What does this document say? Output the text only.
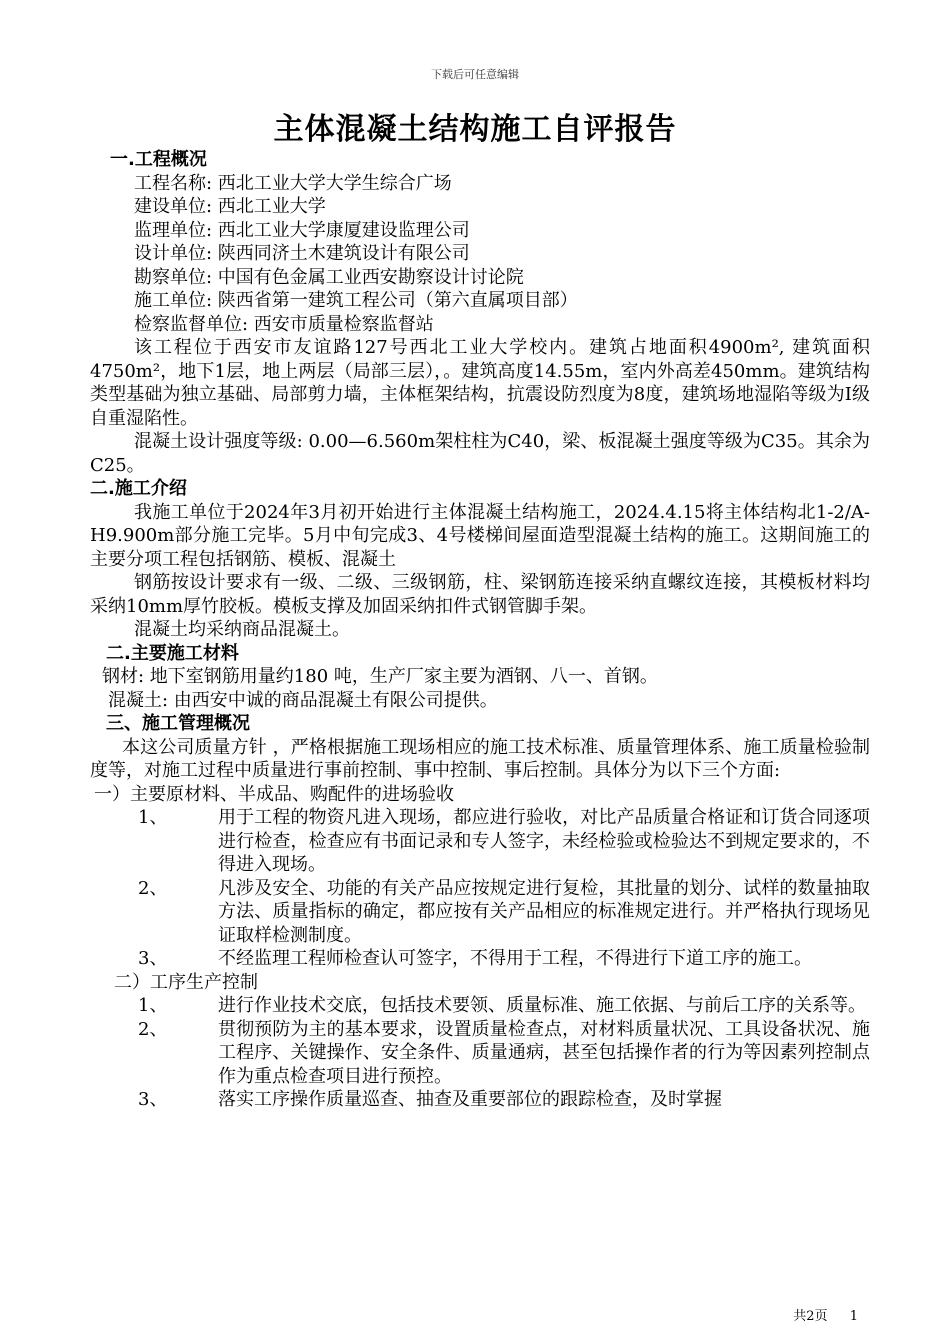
下载后可任意编辑
主体混凝土结构施工自评报告
一.工程概况
工程名称: 西北工业大学大学生综合广场
建设单位: 西北工业大学
监理单位: 西北工业大学康厦建设监理公司
设计单位: 陕西同济土木建筑设计有限公司
勘察单位: 中国有色金属工业西安勘察设计讨论院
施工单位: 陕西省第一建筑工程公司（第六直属项目部）
检察监督单位: 西安市质量检察监督站
该工程位于西安市友谊路127号西北工业大学校内。建筑占地面积4900m², 建筑面积4750m²，地下1层，地上两层（局部三层），。建筑高度14.55m，室内外高差450mm。建筑结构类型基础为独立基础、局部剪力墙，主体框架结构，抗震设防烈度为8度，建筑场地湿陷等级为Ⅰ级自重湿陷性。
混凝土设计强度等级: 0.00—6.560m架柱柱为C40，梁、板混凝土强度等级为C35。其余为C25。
二.施工介绍
我施工单位于2024年3月初开始进行主体混凝土结构施工，2024.4.15将主体结构北1-2/A-H9.900m部分施工完毕。5月中旬完成3、4号楼梯间屋面造型混凝土结构的施工。这期间施工的主要分项工程包括钢筋、模板、混凝土
钢筋按设计要求有一级、二级、三级钢筋，柱、梁钢筋连接采纳直螺纹连接，其模板材料均采纳10mm厚竹胶板。模板支撑及加固采纳扣件式钢管脚手架。
混凝土均采纳商品混凝土。
二.主要施工材料
钢材: 地下室钢筋用量约180 吨，生产厂家主要为酒钢、八一、首钢。
混凝土: 由西安中诚的商品混凝土有限公司提供。
三、施工管理概况
本这公司质量方针 ，严格根据施工现场相应的施工技术标准、质量管理体系、施工质量检验制度等，对施工过程中质量进行事前控制、事中控制、事后控制。具体分为以下三个方面:
一）主要原材料、半成品、购配件的进场验收
1、	用于工程的物资凡进入现场，都应进行验收，对比产品质量合格证和订货合同逐项进行检查，检查应有书面记录和专人签字，未经检验或检验达不到规定要求的，不得进入现场。
2、	凡涉及安全、功能的有关产品应按规定进行复检，其批量的划分、试样的数量抽取方法、质量指标的确定，都应按有关产品相应的标准规定进行。并严格执行现场见证取样检测制度。
3、	不经监理工程师检查认可签字，不得用于工程，不得进行下道工序的施工。
二）工序生产控制
1、	进行作业技术交底，包括技术要领、质量标准、施工依据、与前后工序的关系等。
2、	贯彻预防为主的基本要求，设置质量检查点，对材料质量状况、工具设备状况、施工程序、关键操作、安全条件、质量通病，甚至包括操作者的行为等因素列控制点作为重点检查项目进行预控。
3、	落实工序操作质量巡查、抽查及重要部位的跟踪检查，及时掌握
共2页 1
